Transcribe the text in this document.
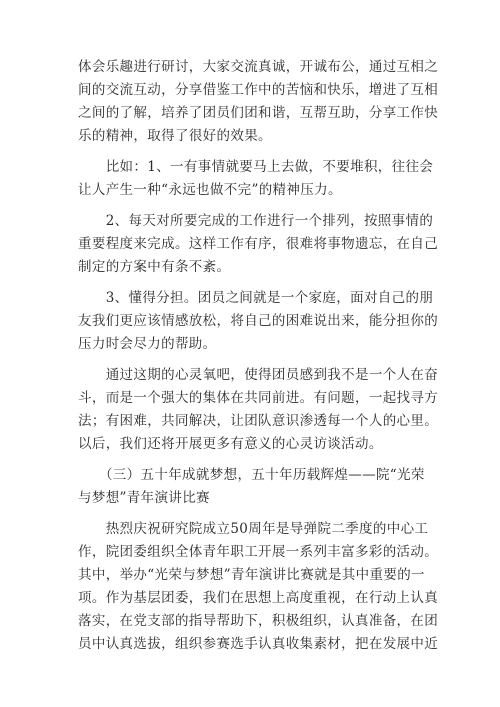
体会乐趣进行研讨，大家交流真诚，开诚布公，通过互相之
间的交流互动，分享借鉴工作中的苦恼和快乐，增进了互相
之间的了解，培养了团员们团和谐，互帮互助，分享工作快
乐的精神，取得了很好的效果。
　　比如：1、一有事情就要马上去做，不要堆积，往往会
让人产生一种“永远也做不完”的精神压力。
　　2、每天对所要完成的工作进行一个排列，按照事情的
重要程度来完成。这样工作有序，很难将事物遗忘，在自己
制定的方案中有条不紊。
　　3、懂得分担。团员之间就是一个家庭，面对自己的朋
友我们更应该情感放松，将自己的困难说出来，能分担你的
压力时会尽力的帮助。
　　通过这期的心灵氧吧，使得团员感到我不是一个人在奋
斗，而是一个强大的集体在共同前进。有问题，一起找寻方
法；有困难，共同解决，让团队意识渗透每一个人的心里。
以后，我们还将开展更多有意义的心灵访谈活动。
　　（三）五十年成就梦想，五十年历载辉煌——院“光荣
与梦想”青年演讲比赛
　　热烈庆祝研究院成立50周年是导弹院二季度的中心工
作，院团委组织全体青年职工开展一系列丰富多彩的活动。
其中，举办“光荣与梦想”青年演讲比赛就是其中重要的一
项。作为基层团委，我们在思想上高度重视，在行动上认真
落实，在党支部的指导帮助下，积极组织，认真准备，在团
员中认真选拔，组织参赛选手认真收集素材，把在发展中近
